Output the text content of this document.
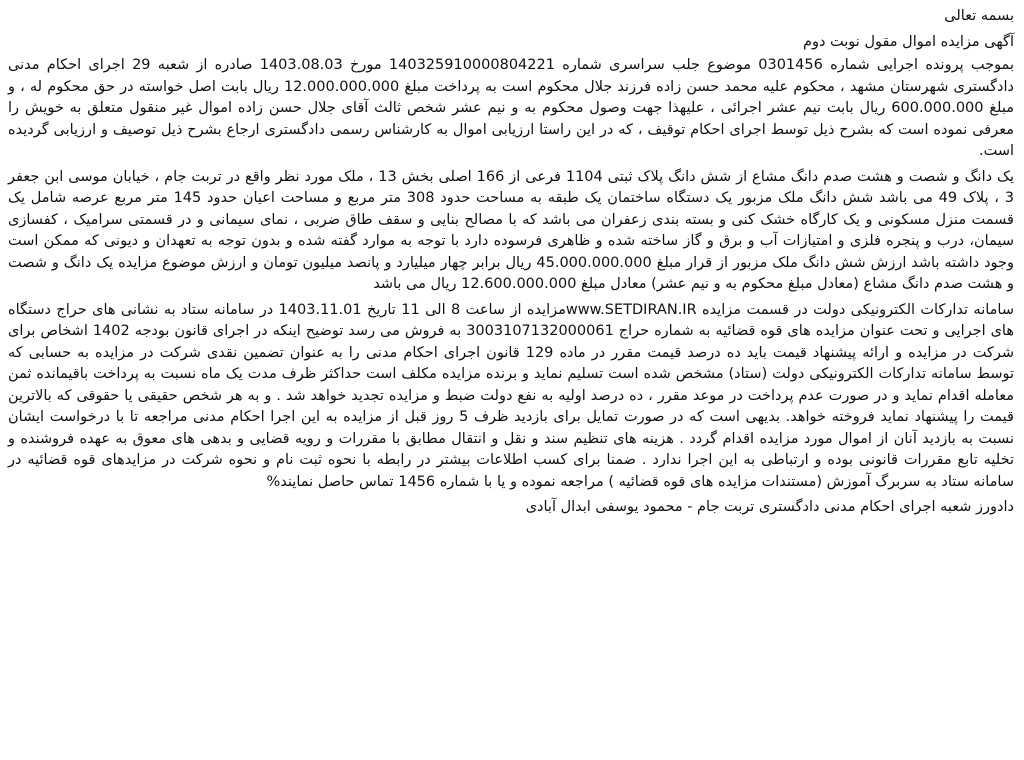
بسمه تعالی

آگهی مزایده اموال مقول نوبت دوم

بموجب پرونده اجرایی شماره 0301456 موضوع جلب سراسری شماره 140325910000804221 مورخ 1403.08.03 صادره از شعبه 29 اجرای احکام مدنی دادگستری شهرستان مشهد ، محکوم علیه محمد حسن زاده فرزند جلال محکوم است به پرداخت مبلغ 12.000.000.000 ریال بابت اصل خواسته در حق محکوم له ، و مبلغ 600.000.000 ریال بابت نیم عشر اجرائی ، علیهذا جهت وصول محکوم به و نیم عشر شخص ثالث آقای جلال حسن زاده اموال غیر منقول متعلق به خویش را معرفی نموده است که بشرح ذیل توسط اجرای احکام توقیف ، که در این راستا ارزیابی اموال به کارشناس رسمی دادگستری ارجاع بشرح ذیل توصیف و ارزیابی گردیده است.

یک دانگ و شصت و هشت صدم دانگ مشاع از شش دانگ پلاک ثبتی 1104 فرعی از 166 اصلی بخش 13 ، ملک مورد نظر واقع در تربت جام ، خیابان موسی ابن جعفر 3 ، پلاک 49 می باشد شش دانگ ملک مزبور یک دستگاه ساختمان یک طبقه به مساحت حدود 308 متر مربع و مساحت اعیان حدود 145 متر مربع عرصه شامل یک قسمت منزل مسکونی و یک کارگاه خشک کنی و بسته بندی زعفران می باشد که با مصالح بنایی و سقف طاق ضربی ، نمای سیمانی و در قسمتی سرامیک ، کفسازی سیمان، درب و پنجره فلزی و امتیازات آب و برق و گاز ساخته شده و ظاهری فرسوده دارد با توجه به موارد گفته شده و بدون توجه به تعهدان و دیونی که ممکن است وجود داشته باشد ارزش شش دانگ ملک مزبور از قرار مبلغ 45.000.000.000 ریال برابر چهار میلیارد و پانصد میلیون تومان و ارزش موضوع مزایده یک دانگ و شصت و هشت صدم دانگ مشاع (معادل مبلغ محکوم به و نیم عشر) معادل مبلغ 12.600.000.000 ریال می باشد

سامانه تدارکات الکترونیکی دولت در قسمت مزایده www.SETDIRAN.IRمزایده از ساعت 8 الی 11 تاریخ 1403.11.01 در سامانه ستاد به نشانی های حراج دستگاه های اجرایی و تحت عنوان مزایده های قوه قضائیه به شماره حراج 3003107132000061 به فروش می رسد توضیح اینکه در اجرای قانون بودجه 1402 اشخاص برای شرکت در مزایده و ارائه پیشنهاد قیمت باید ده درصد قیمت مقرر در ماده 129 قانون اجرای احکام مدنی را به عنوان تضمین نقدی شرکت در مزایده به حسابی که توسط سامانه تدارکات الکترونیکی دولت (ستاد) مشخص شده است تسلیم نماید و برنده مزایده مکلف است حداکثر ظرف مدت یک ماه نسبت به پرداخت باقیمانده ثمن معامله اقدام نماید و در صورت عدم پرداخت در موعد مقرر ، ده درصد اولیه به نفع دولت ضبط و مزایده تجدید خواهد شد . و به هر شخص حقیقی یا حقوقی که بالاترین قیمت را پیشنهاد نماید فروخته خواهد. بدیهی است که در صورت تمایل برای بازدید ظرف 5 روز قبل از مزایده به این اجرا احکام مدنی مراجعه تا با درخواست ایشان نسبت به بازدید آنان از اموال مورد مزایده اقدام گردد . هزینه های تنظیم سند و نقل و انتقال مطابق با مقررات و رویه قضایی و بدهی های معوق به عهده فروشنده و تخلیه تابع مقررات قانونی بوده و ارتباطی به این اجرا ندارد . ضمنا برای کسب اطلاعات بیشتر در رابطه با نحوه ثبت نام و نحوه شرکت در مزایدهای قوه قضائیه در سامانه ستاد به سربرگ آموزش (مستندات مزایده های قوه قضائیه ) مراجعه نموده و یا با شماره 1456 تماس حاصل نمایند%

دادورز شعبه اجرای احکام مدنی دادگستری تربت جام - محمود یوسفی ابدال آبادی
